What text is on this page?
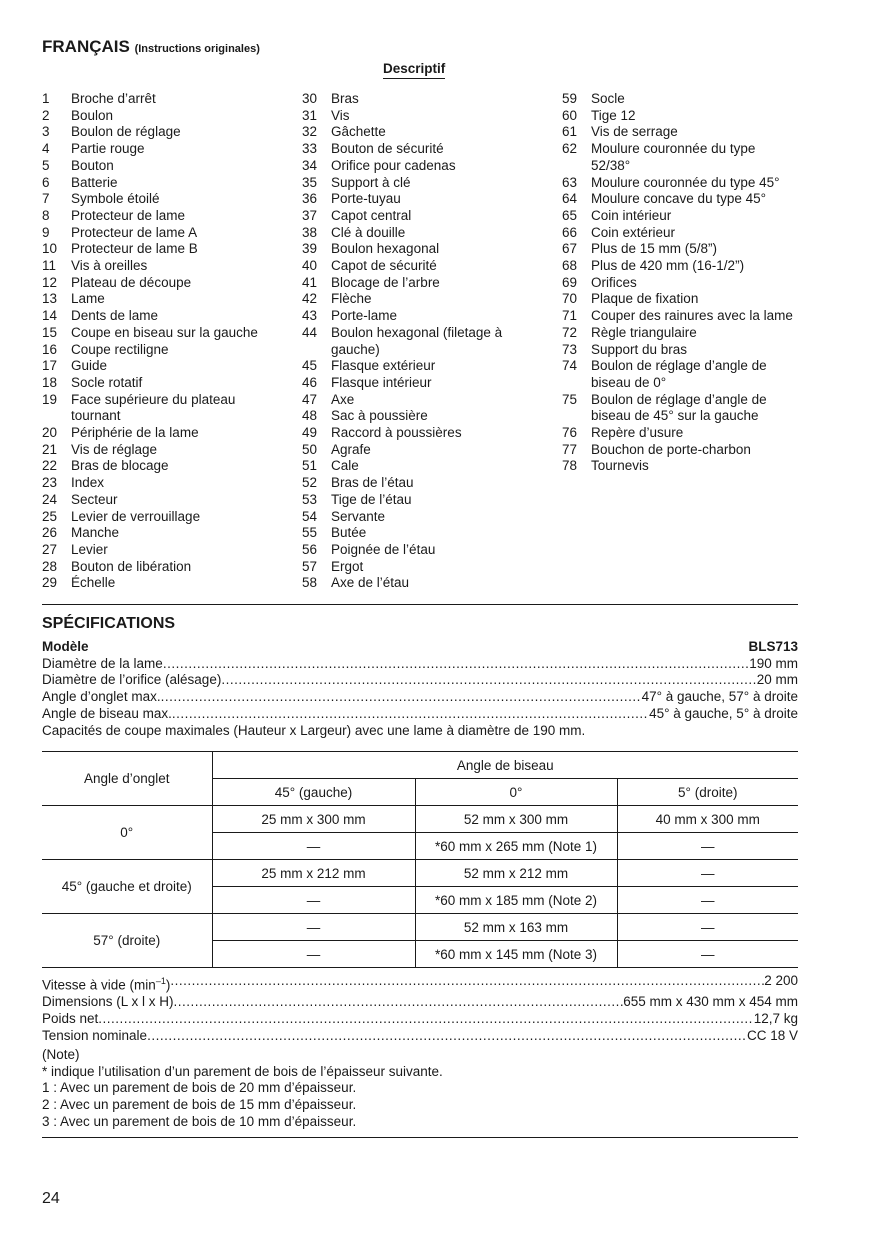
FRANÇAIS (Instructions originales)
Descriptif
1	Broche d’arrêt
2	Boulon
3	Boulon de réglage
4	Partie rouge
5	Bouton
6	Batterie
7	Symbole étoilé
8	Protecteur de lame
9	Protecteur de lame A
10	Protecteur de lame B
11	Vis à oreilles
12	Plateau de découpe
13	Lame
14	Dents de lame
15	Coupe en biseau sur la gauche
16	Coupe rectiligne
17	Guide
18	Socle rotatif
19	Face supérieure du plateau tournant
20	Périphérie de la lame
21	Vis de réglage
22	Bras de blocage
23	Index
24	Secteur
25	Levier de verrouillage
26	Manche
27	Levier
28	Bouton de libération
29	Échelle
30	Bras
31	Vis
32	Gâchette
33	Bouton de sécurité
34	Orifice pour cadenas
35	Support à clé
36	Porte-tuyau
37	Capot central
38	Clé à douille
39	Boulon hexagonal
40	Capot de sécurité
41	Blocage de l’arbre
42	Flèche
43	Porte-lame
44	Boulon hexagonal (filetage à gauche)
45	Flasque extérieur
46	Flasque intérieur
47	Axe
48	Sac à poussière
49	Raccord à poussières
50	Agrafe
51	Cale
52	Bras de l’étau
53	Tige de l’étau
54	Servante
55	Butée
56	Poignée de l’étau
57	Ergot
58	Axe de l’étau
59	Socle
60	Tige 12
61	Vis de serrage
62	Moulure couronnée du type 52/38°
63	Moulure couronnée du type 45°
64	Moulure concave du type 45°
65	Coin intérieur
66	Coin extérieur
67	Plus de 15 mm (5/8”)
68	Plus de 420 mm (16-1/2”)
69	Orifices
70	Plaque de fixation
71	Couper des rainures avec la lame
72	Règle triangulaire
73	Support du bras
74	Boulon de réglage d’angle de biseau de 0°
75	Boulon de réglage d’angle de biseau de 45° sur la gauche
76	Repère d’usure
77	Bouchon de porte-charbon
78	Tournevis
SPÉCIFICATIONS
Modèle	BLS713
Diamètre de la lame .....	190 mm
Diamètre de l’orifice (alésage) .....	20 mm
Angle d’onglet max. .....	47° à gauche, 57° à droite
Angle de biseau max. .....	45° à gauche, 5° à droite
Capacités de coupe maximales (Hauteur x Largeur) avec une lame à diamètre de 190 mm.
Angle d’onglet	Angle de biseau		
	45° (gauche)	0°	5° (droite)
0°	25 mm x 300 mm	52 mm x 300 mm	40 mm x 300 mm
	—	*60 mm x 265 mm (Note 1)	—
45° (gauche et droite)	25 mm x 212 mm	52 mm x 212 mm	—
	—	*60 mm x 185 mm (Note 2)	—
57° (droite)	—	52 mm x 163 mm	—
	—	*60 mm x 145 mm (Note 3)	—
Vitesse à vide $(\min^{-1})$ .....	2 200
Dimensions (L x l x H) .....	655 mm x 430 mm x 454 mm
Poids net .....	12,7 kg
Tension nominale .....	CC 18 V
(Note)
* indique l’utilisation d’un parement de bois de l’épaisseur suivante.
1 : Avec un parement de bois de 20 mm d’épaisseur.
2 : Avec un parement de bois de 15 mm d’épaisseur.
3 : Avec un parement de bois de 10 mm d’épaisseur.
24
